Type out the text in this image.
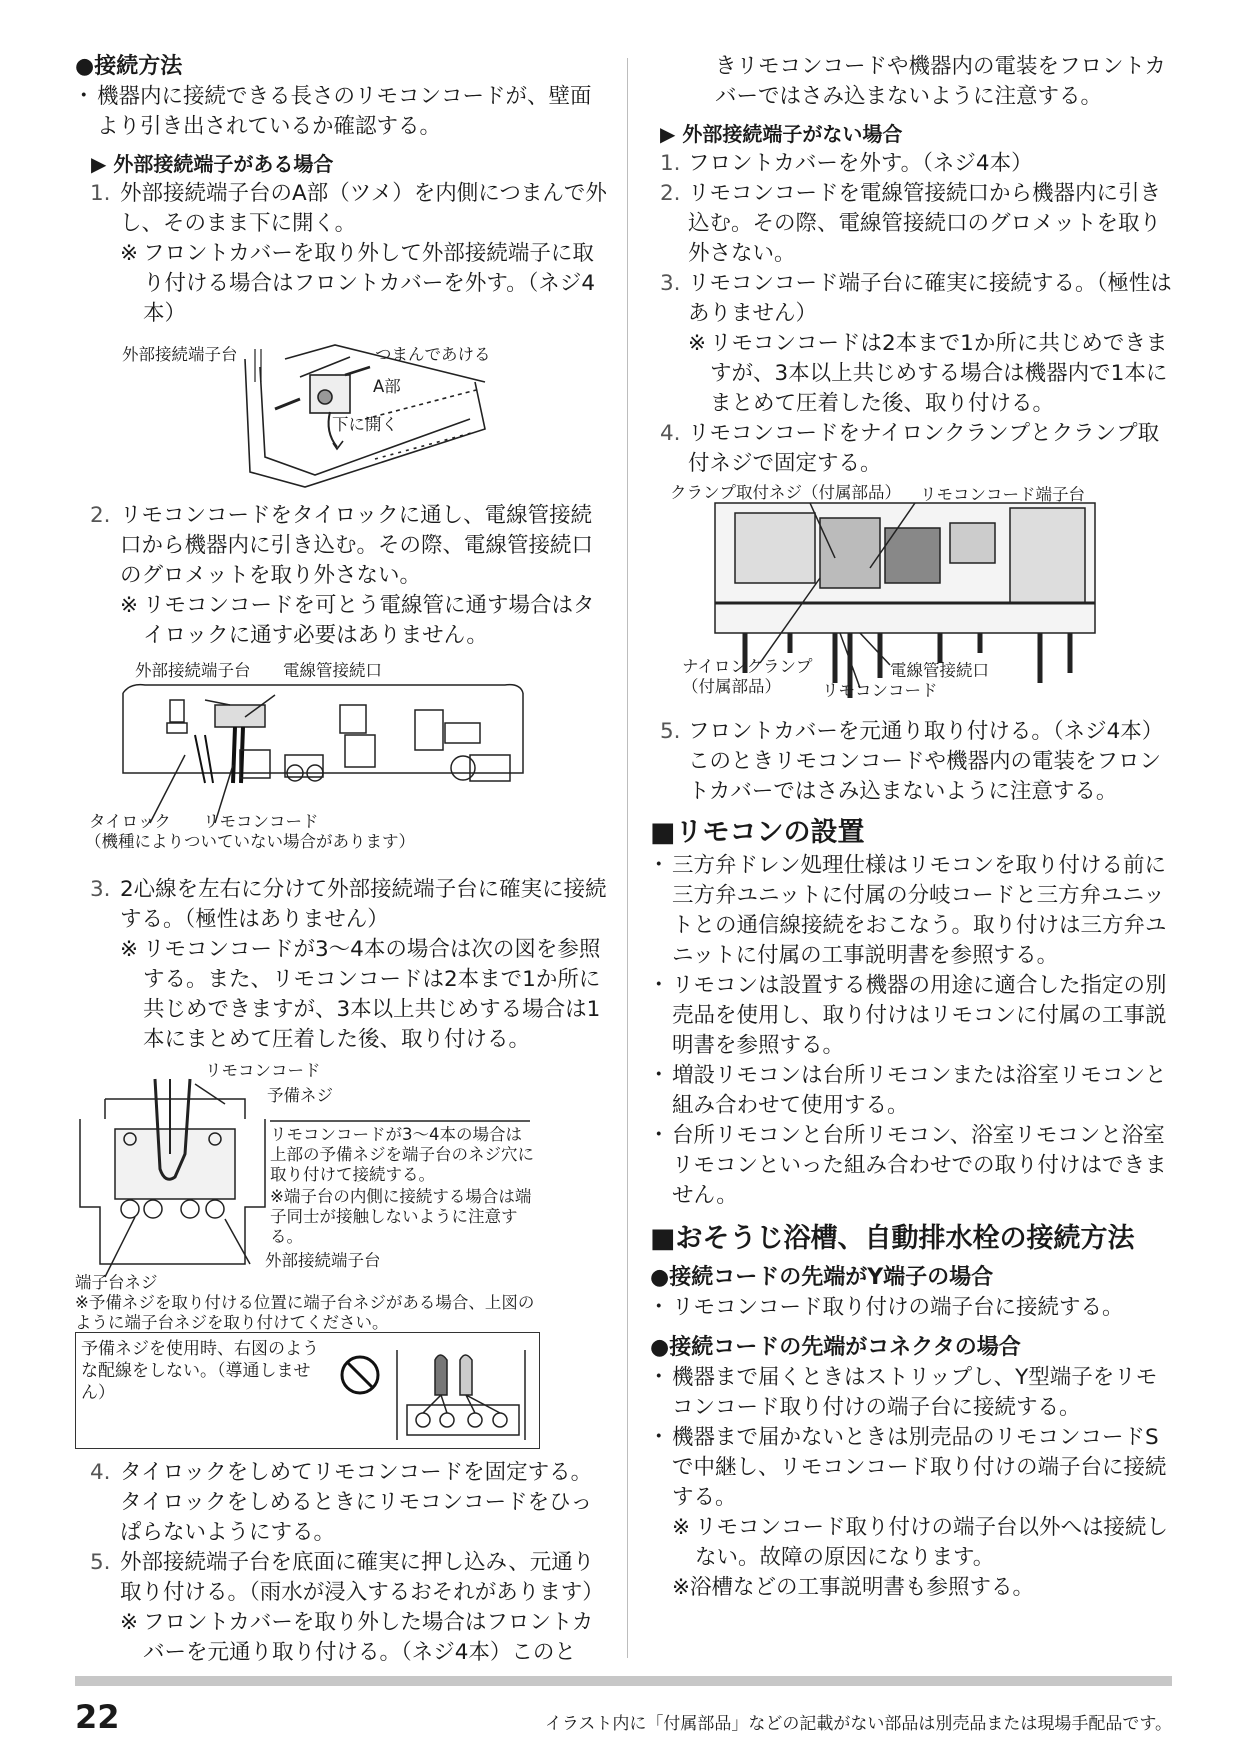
●接続方法
・ 機器内に接続できる長さのリモコンコードが、壁面より引き出されているか確認する。
▶ 外部接続端子がある場合
1. 外部接続端子台のA部（ツメ）を内側につまんで外し、そのまま下に開く。
※ フロントカバーを取り外して外部接続端子に取り付ける場合はフロントカバーを外す。（ネジ4本）
外部接続端子台	つまんであける
A部
下に開く
2. リモコンコードをタイロックに通し、電線管接続口から機器内に引き込む。その際、電線管接続口のグロメットを取り外さない。
※ リモコンコードを可とう電線管に通す場合はタイロックに通す必要はありません。
外部接続端子台 電線管接続口
タイロック リモコンコード
（機種によりついていない場合があります）
3. 2心線を左右に分けて外部接続端子台に確実に接続する。（極性はありません）
※ リモコンコードが3～4本の場合は次の図を参照する。また、リモコンコードは2本まで1か所に共じめできますが、3本以上共じめする場合は1本にまとめて圧着した後、取り付ける。
リモコンコード
予備ネジ
リモコンコードが3～4本の場合は上部の予備ネジを端子台のネジ穴に取り付けて接続する。
※端子台の内側に接続する場合は端子同士が接触しないように注意する。
外部接続端子台
端子台ネジ
※予備ネジを取り付ける位置に端子台ネジがある場合、上図のように端子台ネジを取り付けてください。
予備ネジを使用時、右図のような配線をしない。（導通しません）
4. タイロックをしめてリモコンコードを固定する。タイロックをしめるときにリモコンコードをひっぱらないようにする。
5. 外部接続端子台を底面に確実に押し込み、元通り取り付ける。（雨水が浸入するおそれがあります）
※ フロントカバーを取り外した場合はフロントカバーを元通り取り付ける。（ネジ4本）このと
きリモコンコードや機器内の電装をフロントカバーではさみ込まないように注意する。
▶ 外部接続端子がない場合
1. フロントカバーを外す。（ネジ4本）
2. リモコンコードを電線管接続口から機器内に引き込む。その際、電線管接続口のグロメットを取り外さない。
3. リモコンコード端子台に確実に接続する。（極性はありません）
※ リモコンコードは2本まで1か所に共じめできますが、3本以上共じめする場合は機器内で1本にまとめて圧着した後、取り付ける。
4. リモコンコードをナイロンクランプとクランプ取付ネジで固定する。
クランプ取付ネジ（付属部品） リモコンコード端子台
ナイロンクランプ
（付属部品）
電線管接続口
リモコンコード
5. フロントカバーを元通り取り付ける。（ネジ4本）このときリモコンコードや機器内の電装をフロントカバーではさみ込まないように注意する。
■リモコンの設置
・ 三方弁ドレン処理仕様はリモコンを取り付ける前に三方弁ユニットに付属の分岐コードと三方弁ユニットとの通信線接続をおこなう。取り付けは三方弁ユニットに付属の工事説明書を参照する。
・ リモコンは設置する機器の用途に適合した指定の別売品を使用し、取り付けはリモコンに付属の工事説明書を参照する。
・ 増設リモコンは台所リモコンまたは浴室リモコンと組み合わせて使用する。
・ 台所リモコンと台所リモコン、浴室リモコンと浴室リモコンといった組み合わせでの取り付けはできません。
■おそうじ浴槽、自動排水栓の接続方法
●接続コードの先端がY端子の場合
・ リモコンコード取り付けの端子台に接続する。
●接続コードの先端がコネクタの場合
・ 機器まで届くときはストリップし、Y型端子をリモコンコード取り付けの端子台に接続する。
・ 機器まで届かないときは別売品のリモコンコードSで中継し、リモコンコード取り付けの端子台に接続する。
※ リモコンコード取り付けの端子台以外へは接続しない。故障の原因になります。
※浴槽などの工事説明書も参照する。
22	イラスト内に「付属部品」などの記載がない部品は別売品または現場手配品です。
